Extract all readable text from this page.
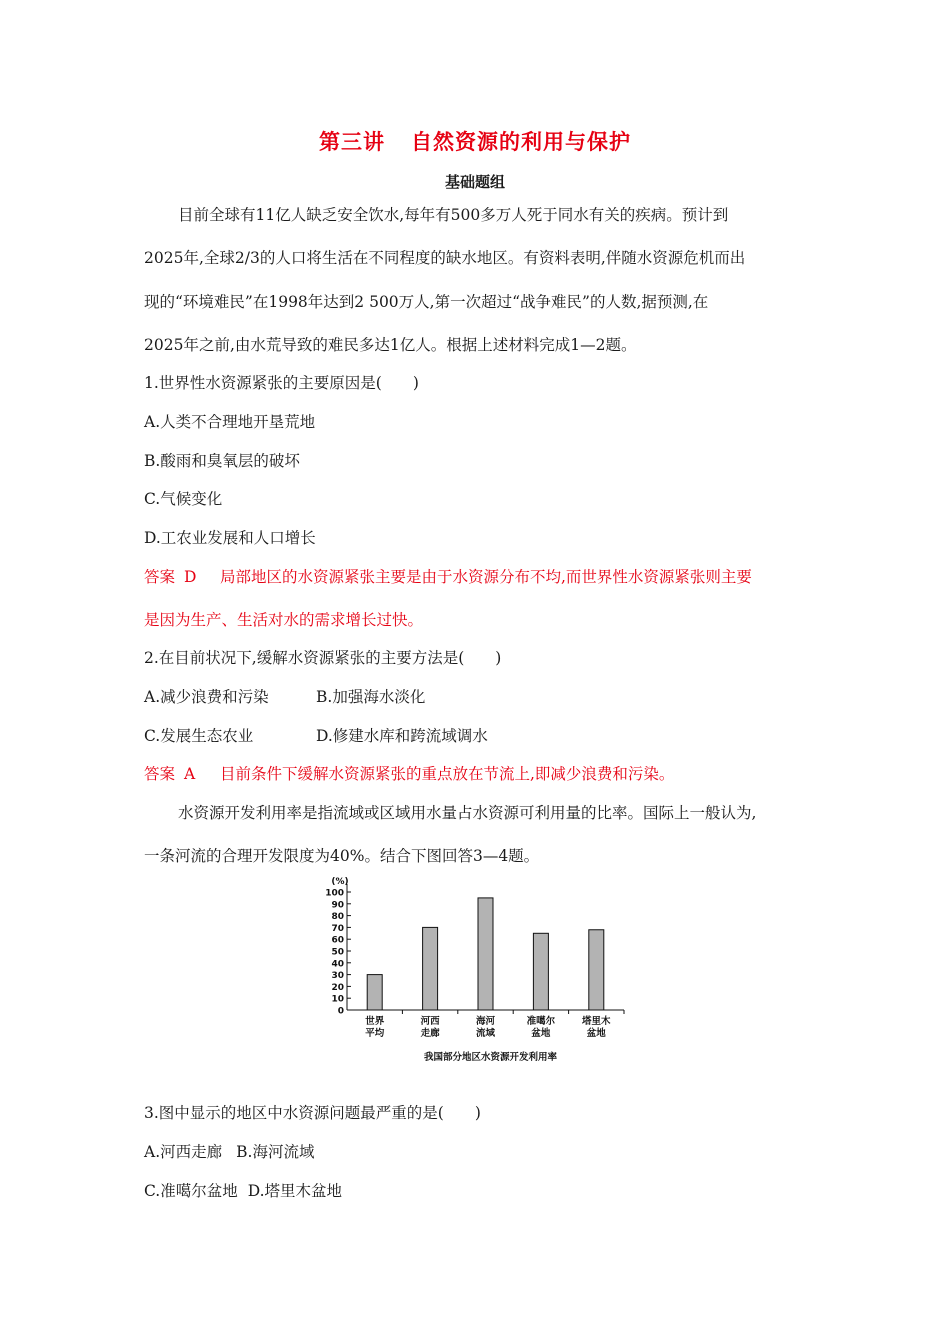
第三讲 自然资源的利用与保护
基础题组
目前全球有11亿人缺乏安全饮水,每年有500多万人死于同水有关的疾病。预计到
2025年,全球2/3的人口将生活在不同程度的缺水地区。有资料表明,伴随水资源危机而出
现的“环境难民”在1998年达到2 500万人,第一次超过“战争难民”的人数,据预测,在
2025年之前,由水荒导致的难民多达1亿人。根据上述材料完成1—2题。
1.世界性水资源紧张的主要原因是(　　)
A.人类不合理地开垦荒地
B.酸雨和臭氧层的破坏
C.气候变化
D.工农业发展和人口增长
答案 D 局部地区的水资源紧张主要是由于水资源分布不均,而世界性水资源紧张则主要
是因为生产、生活对水的需求增长过快。
2.在目前状况下,缓解水资源紧张的主要方法是(　　)
A.减少浪费和污染	B.加强海水淡化
C.发展生态农业	D.修建水库和跨流域调水
答案 A 目前条件下缓解水资源紧张的重点放在节流上,即减少浪费和污染。
水资源开发利用率是指流域或区域用水量占水资源可利用量的比率。国际上一般认为,
一条河流的合理开发限度为40%。结合下图回答3—4题。
(%)
0
10
20
30
40
50
60
70
80
90
100
世界
平均
河西
走廊
海河
流域
准噶尔
盆地
塔里木
盆地
我国部分地区水资源开发利用率
3.图中显示的地区中水资源问题最严重的是(　　)
A.河西走廊 B.海河流域
C.准噶尔盆地 D.塔里木盆地
